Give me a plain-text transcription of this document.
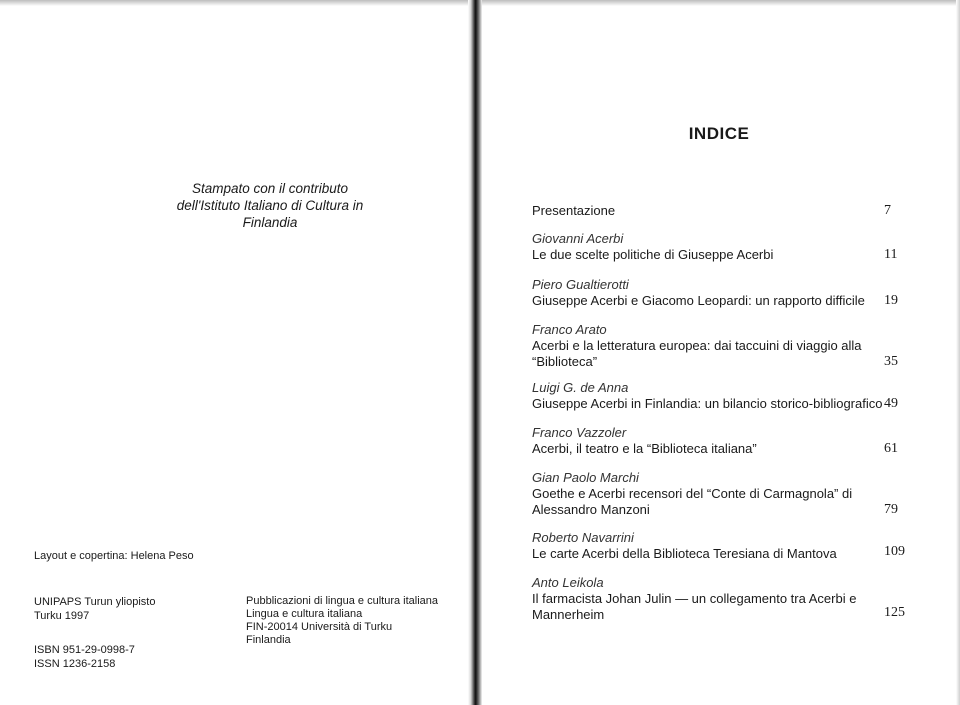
Stampato con il contributo
dell'Istituto Italiano di Cultura in Finlandia
Layout e copertina: Helena Peso
UNIPAPS Turun yliopisto
Turku 1997
Pubblicazioni di lingua e cultura italiana
Lingua e cultura italiana
FIN-20014 Università di Turku
Finlandia
ISBN 951-29-0998-7
ISSN 1236-2158
INDICE
Presentazione	7
Giovanni Acerbi
Le due scelte politiche di Giuseppe Acerbi	11
Piero Gualtierotti
Giuseppe Acerbi e Giacomo Leopardi: un rapporto difficile	19
Franco Arato
Acerbi e la letteratura europea: dai taccuini di viaggio alla
“Biblioteca”	35
Luigi G. de Anna
Giuseppe Acerbi in Finlandia: un bilancio storico-bibliografico 49
Franco Vazzoler
Acerbi, il teatro e la “Biblioteca italiana”	61
Gian Paolo Marchi
Goethe e Acerbi recensori del “Conte di Carmagnola” di
Alessandro Manzoni	79
Roberto Navarrini
Le carte Acerbi della Biblioteca Teresiana di Mantova	109
Anto Leikola
Il farmacista Johan Julin — un collegamento tra Acerbi e
Mannerheim	125
